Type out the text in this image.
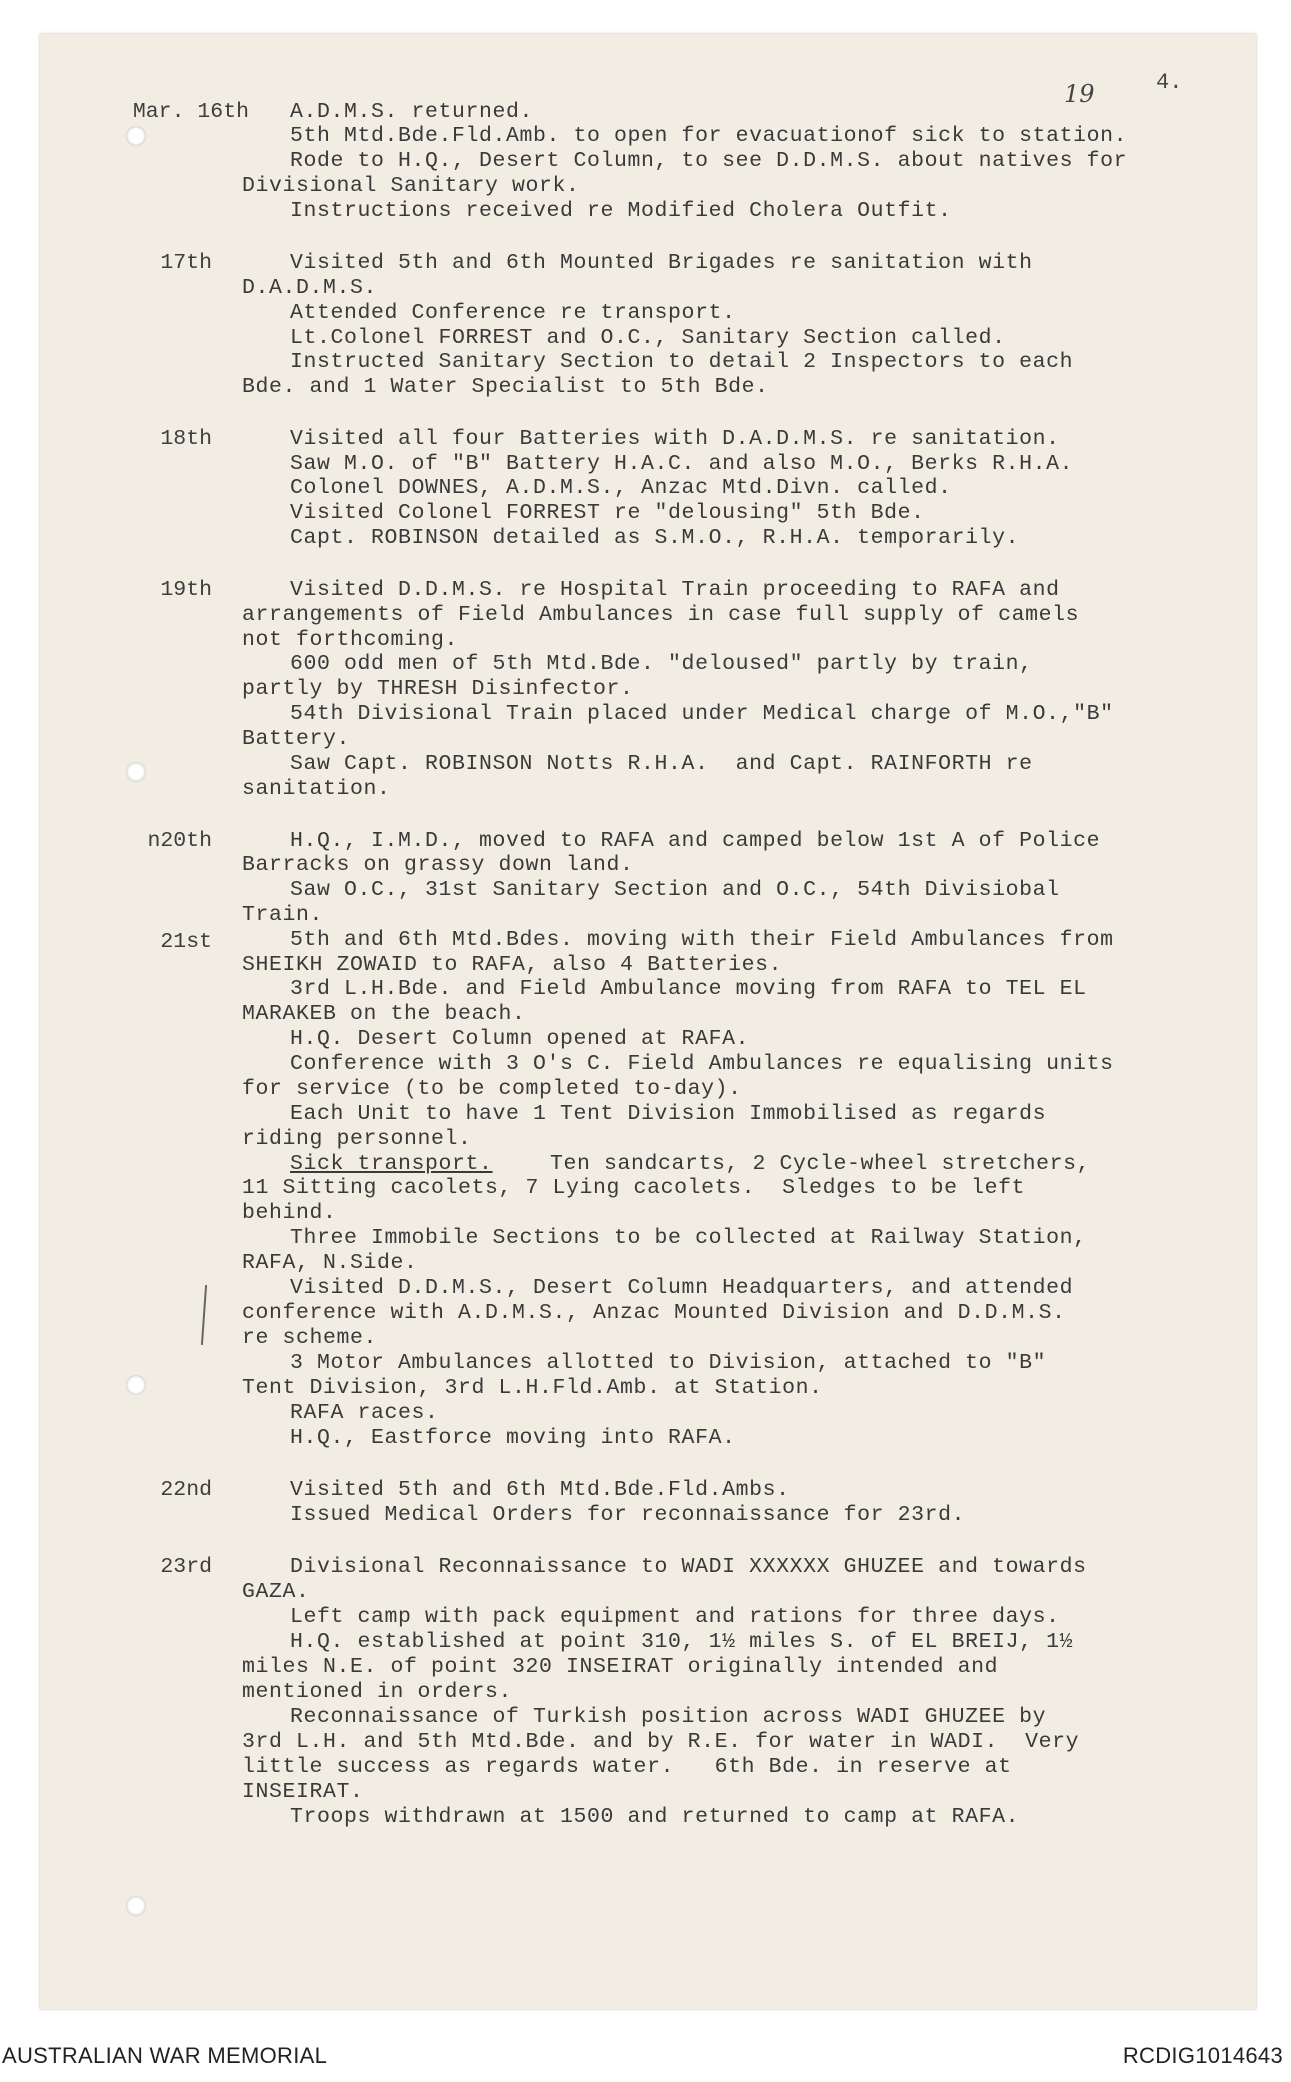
19	4.
Mar. 16th A.D.M.S. returned.
5th Mtd.Bde.Fld.Amb. to open for evacuationof sick to station.
Rode to H.Q., Desert Column, to see D.D.M.S. about natives for
Divisional Sanitary work.
Instructions received re Modified Cholera Outfit.
17th	Visited 5th and 6th Mounted Brigades re sanitation with
D.A.D.M.S.
Attended Conference re transport.
Lt.Colonel FORREST and O.C., Sanitary Section called.
Instructed Sanitary Section to detail 2 Inspectors to each
Bde. and 1 Water Specialist to 5th Bde.
18th	Visited all four Batteries with D.A.D.M.S. re sanitation.
Saw M.O. of "B" Battery H.A.C. and also M.O., Berks R.H.A.
Colonel DOWNES, A.D.M.S., Anzac Mtd.Divn. called.
Visited Colonel FORREST re "delousing" 5th Bde.
Capt. ROBINSON detailed as S.M.O., R.H.A. temporarily.
19th	Visited D.D.M.S. re Hospital Train proceeding to RAFA and
arrangements of Field Ambulances in case full supply of camels
not forthcoming.
600 odd men of 5th Mtd.Bde. "deloused" partly by train,
partly by THRESH Disinfector.
54th Divisional Train placed under Medical charge of M.O.,"B"
Battery.
Saw Capt. ROBINSON Notts R.H.A.  and Capt. RAINFORTH re
sanitation.
n20th	H.Q., I.M.D., moved to RAFA and camped below 1st A of Police
Barracks on grassy down land.
Saw O.C., 31st Sanitary Section and O.C., 54th Divisiobal
Train.
21st	5th and 6th Mtd.Bdes. moving with their Field Ambulances from
SHEIKH ZOWAID to RAFA, also 4 Batteries.
3rd L.H.Bde. and Field Ambulance moving from RAFA to TEL EL
MARAKEB on the beach.
H.Q. Desert Column opened at RAFA.
Conference with 3 O's C. Field Ambulances re equalising units
for service (to be completed to-day).
Each Unit to have 1 Tent Division Immobilised as regards
riding personnel.
Sick transport.	Ten sandcarts, 2 Cycle-wheel stretchers,
11 Sitting cacolets, 7 Lying cacolets.  Sledges to be left
behind.
Three Immobile Sections to be collected at Railway Station,
RAFA, N.Side.
Visited D.D.M.S., Desert Column Headquarters, and attended
conference with A.D.M.S., Anzac Mounted Division and D.D.M.S.
re scheme.
3 Motor Ambulances allotted to Division, attached to "B"
Tent Division, 3rd L.H.Fld.Amb. at Station.
RAFA races.
H.Q., Eastforce moving into RAFA.
22nd	Visited 5th and 6th Mtd.Bde.Fld.Ambs.
Issued Medical Orders for reconnaissance for 23rd.
23rd	Divisional Reconnaissance to WADI XXXXXX GHUZEE and towards
GAZA.
Left camp with pack equipment and rations for three days.
H.Q. established at point 310, 1½ miles S. of EL BREIJ, 1½
miles N.E. of point 320 INSEIRAT originally intended and
mentioned in orders.
Reconnaissance of Turkish position across WADI GHUZEE by
3rd L.H. and 5th Mtd.Bde. and by R.E. for water in WADI.  Very
little success as regards water.   6th Bde. in reserve at
INSEIRAT.
Troops withdrawn at 1500 and returned to camp at RAFA.
AUSTRALIAN WAR MEMORIAL	RCDIG1014643
